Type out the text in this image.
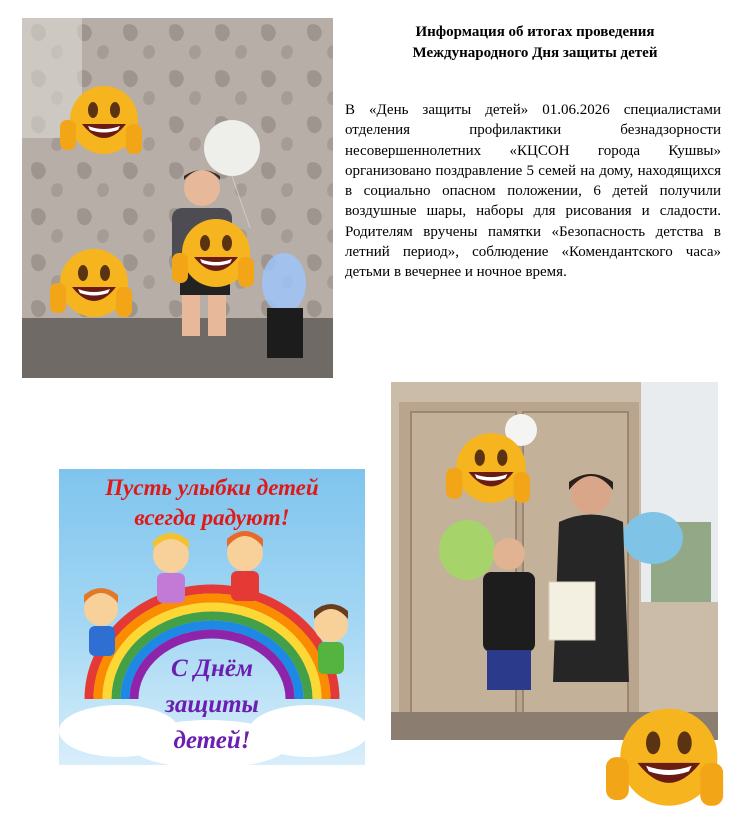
Информация об итогах проведения
Международного Дня защиты детей
В «День защиты детей» 01.06.2026 специалистами отделения профилактики безнадзорности несовершеннолетних «КЦСОН города Кушвы» организовано поздравление 5 семей на дому, находящихся в социально опасном положении, 6 детей получили воздушные шары, наборы для рисования и сладости. Родителям вручены памятки «Безопасность детства в летний период», соблюдение «Комендантского часа» детьми в вечернее и ночное время.
Пусть улыбки детей
всегда радуют!
С Днём
защиты
детей!
